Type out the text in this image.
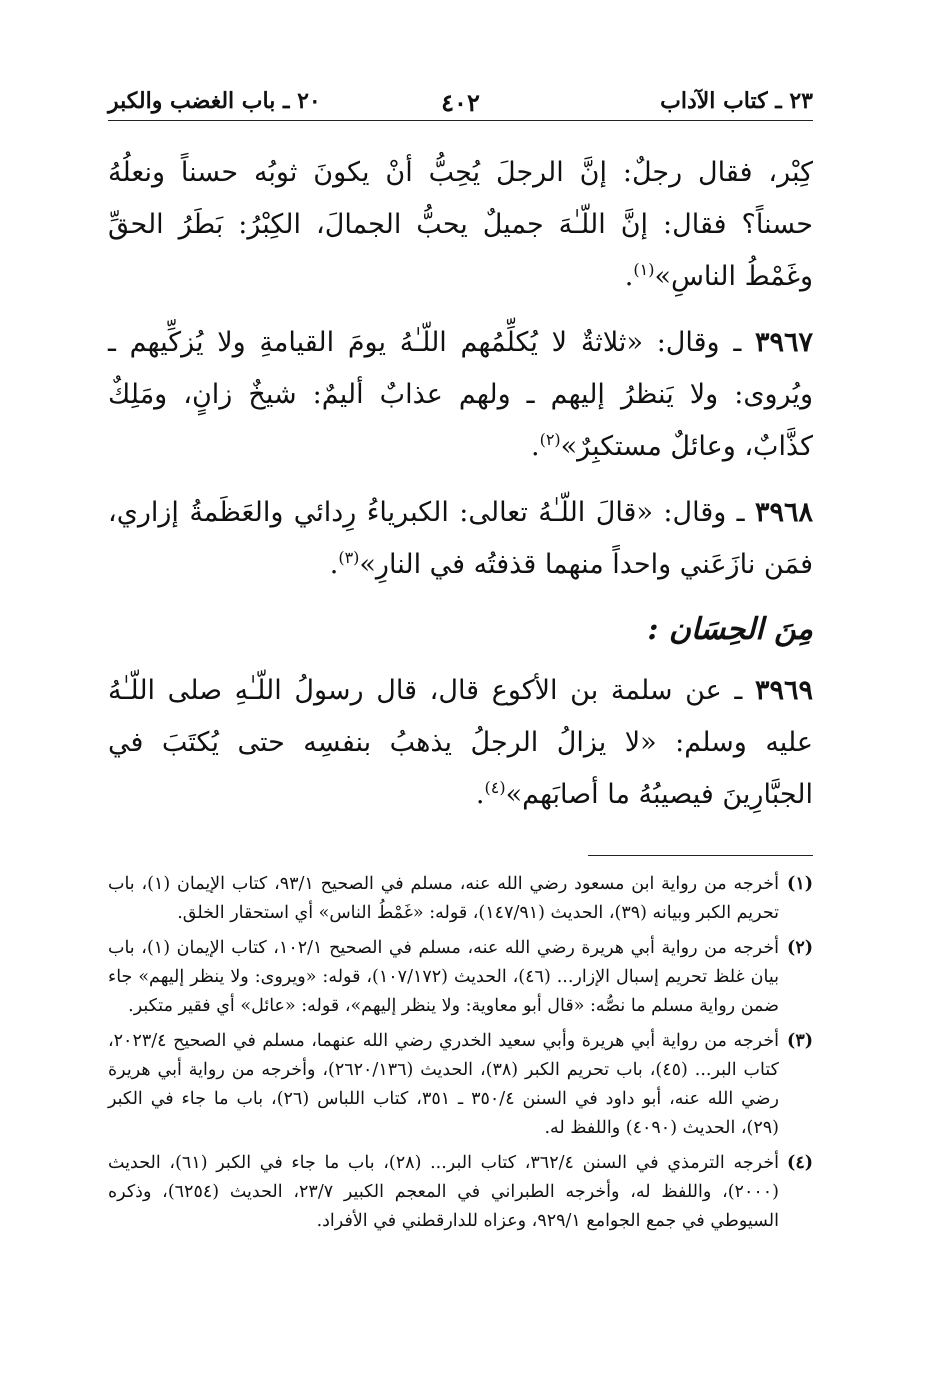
٢٣ ـ كتاب الآداب
٤٠٢
٢٠ ـ باب الغضب والكبر

كِبْر، فقال رجلٌ: إنَّ الرجلَ يُحِبُّ أنْ يكونَ ثوبُه حسناً ونعلُهُ حسناً؟ فقال: إنَّ اللّـٰهَ جميلٌ يحبُّ الجمالَ، الكِبْرُ: بَطَرُ الحقِّ وغَمْطُ الناسِ»$^{(١)}$.

٣٩٦٧ ـ وقال: «ثلاثةٌ لا يُكلِّمُهم اللّـٰهُ يومَ القيامةِ ولا يُزكِّيهم ـ ويُروى: ولا يَنظرُ إليهم ـ ولهم عذابٌ أليمٌ: شيخٌ زانٍ، ومَلِكٌ كذَّابٌ، وعائلٌ مستكبِرٌ»$^{(٢)}$.

٣٩٦٨ ـ وقال: «قالَ اللّـٰهُ تعالى: الكبرياءُ رِدائي والعَظَمةُ إزاري، فمَن نازَعَني واحداً منهما قذفتُه في النارِ»$^{(٣)}$.

مِنَ الحِسَان :

٣٩٦٩ ـ عن سلمة بن الأكوع قال، قال رسولُ اللّـٰهِ صلى اللّـٰهُ عليه وسلم: «لا يزالُ الرجلُ يذهبُ بنفسِه حتى يُكتَبَ في الجبَّارِينَ فيصيبُهُ ما أصابَهم»$^{(٤)}$.

(١)
أخرجه من رواية ابن مسعود رضي الله عنه، مسلم في الصحيح ٩٣/١، كتاب الإيمان (١)، باب تحريم الكبر وبيانه (٣٩)، الحديث (١٤٧/٩١)، قوله: «غَمْطُ الناس» أي استحقار الخلق.
(٢)
أخرجه من رواية أبي هريرة رضي الله عنه، مسلم في الصحيح ١٠٢/١، كتاب الإيمان (١)، باب بيان غلظ تحريم إسبال الإزار... (٤٦)، الحديث (١٠٧/١٧٢)، قوله: «ويروى: ولا ينظر إليهم» جاء ضمن رواية مسلم ما نصُّه: «قال أبو معاوية: ولا ينظر إليهم»، قوله: «عائل» أي فقير متكبر.
(٣)
أخرجه من رواية أبي هريرة وأبي سعيد الخدري رضي الله عنهما، مسلم في الصحيح ٢٠٢٣/٤، كتاب البر... (٤٥)، باب تحريم الكبر (٣٨)، الحديث (٢٦٢٠/١٣٦)، وأخرجه من رواية أبي هريرة رضي الله عنه، أبو داود في السنن ٣٥٠/٤ ـ ٣٥١، كتاب اللباس (٢٦)، باب ما جاء في الكبر (٢٩)، الحديث (٤٠٩٠) واللفظ له.
(٤)
أخرجه الترمذي في السنن ٣٦٢/٤، كتاب البر... (٢٨)، باب ما جاء في الكبر (٦١)، الحديث (٢٠٠٠)، واللفظ له، وأخرجه الطبراني في المعجم الكبير ٢٣/٧، الحديث (٦٢٥٤)، وذكره السيوطي في جمع الجوامع ٩٢٩/١، وعزاه للدارقطني في الأفراد.
